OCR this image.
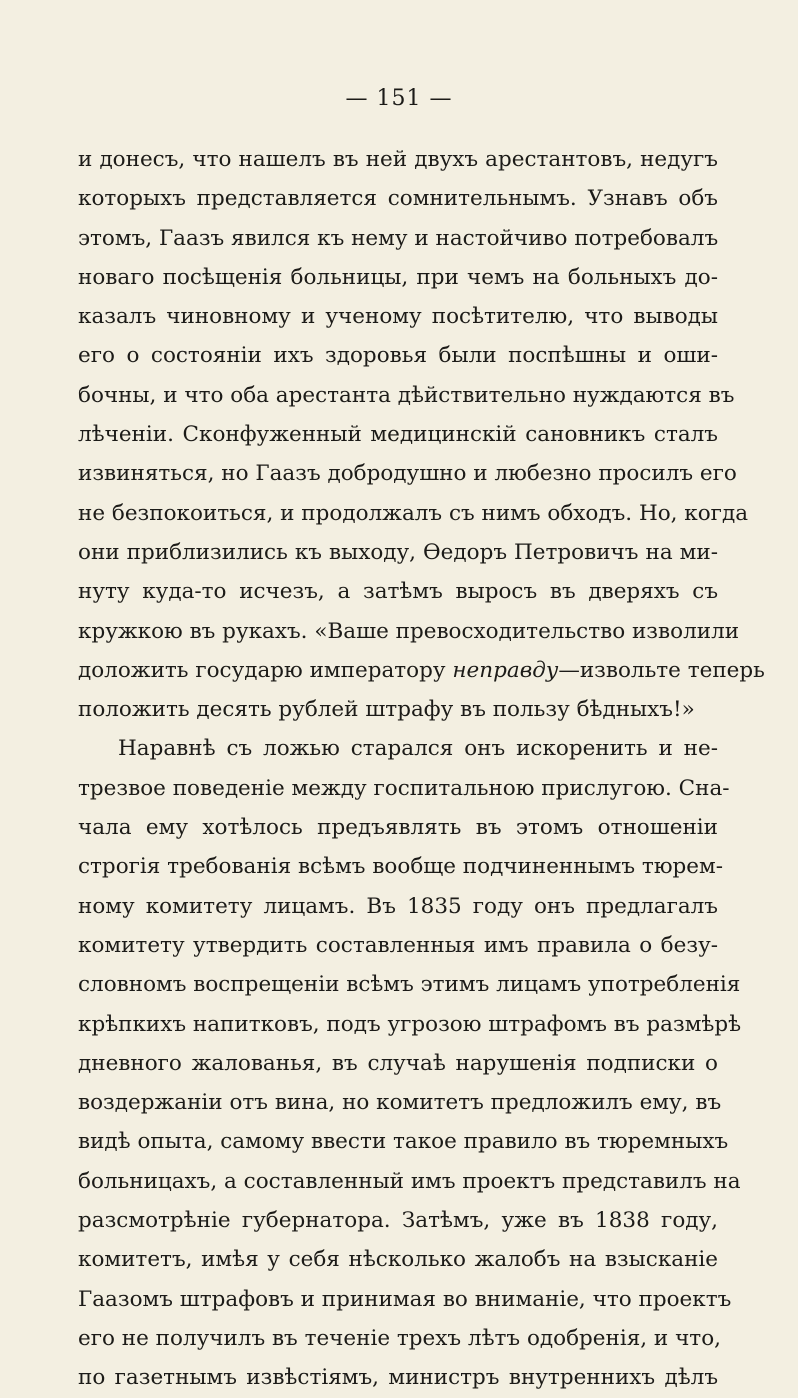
— 151 —
и донесъ, что нашелъ въ ней двухъ арестантовъ, недугъ
которыхъ представляется сомнительнымъ. Узнавъ объ
этомъ, Гаазъ явился къ нему и настойчиво потребовалъ
новаго посѣщенія больницы, при чемъ на больныхъ до-
казалъ чиновному и ученому посѣтителю, что выводы
его о состояніи ихъ здоровья были поспѣшны и оши-
бочны, и что оба арестанта дѣйствительно нуждаются въ
лѣченіи. Сконфуженный медицинскій сановникъ сталъ
извиняться, но Гаазъ добродушно и любезно просилъ его
не безпокоиться, и продолжалъ съ нимъ обходъ. Но, когда
они приблизились къ выходу, Ѳедоръ Петровичъ на ми-
нуту куда-то исчезъ, а затѣмъ выросъ въ дверяхъ съ
кружкою въ рукахъ. «Ваше превосходительство изволили
доложить государю императору неправду—извольте теперь
положить десять рублей штрафу въ пользу бѣдныхъ!»
Наравнѣ съ ложью старался онъ искоренить и не-
трезвое поведеніе между госпитальною прислугою. Сна-
чала ему хотѣлось предъявлять въ этомъ отношеніи
строгія требованія всѣмъ вообще подчиненнымъ тюрем-
ному комитету лицамъ. Въ 1835 году онъ предлагалъ
комитету утвердить составленныя имъ правила о безу-
словномъ воспрещеніи всѣмъ этимъ лицамъ употребленія
крѣпкихъ напитковъ, подъ угрозою штрафомъ въ размѣрѣ
дневного жалованья, въ случаѣ нарушенія подписки о
воздержаніи отъ вина, но комитетъ предложилъ ему, въ
видѣ опыта, самому ввести такое правило въ тюремныхъ
больницахъ, а составленный имъ проектъ представилъ на
разсмотрѣніе губернатора. Затѣмъ, уже въ 1838 году,
комитетъ, имѣя у себя нѣсколько жалобъ на взысканіе
Гаазомъ штрафовъ и принимая во вниманіе, что проектъ
его не получилъ въ теченіе трехъ лѣтъ одобренія, и что,
по газетнымъ извѣстіямъ, министръ внутреннихъ дѣлъ
